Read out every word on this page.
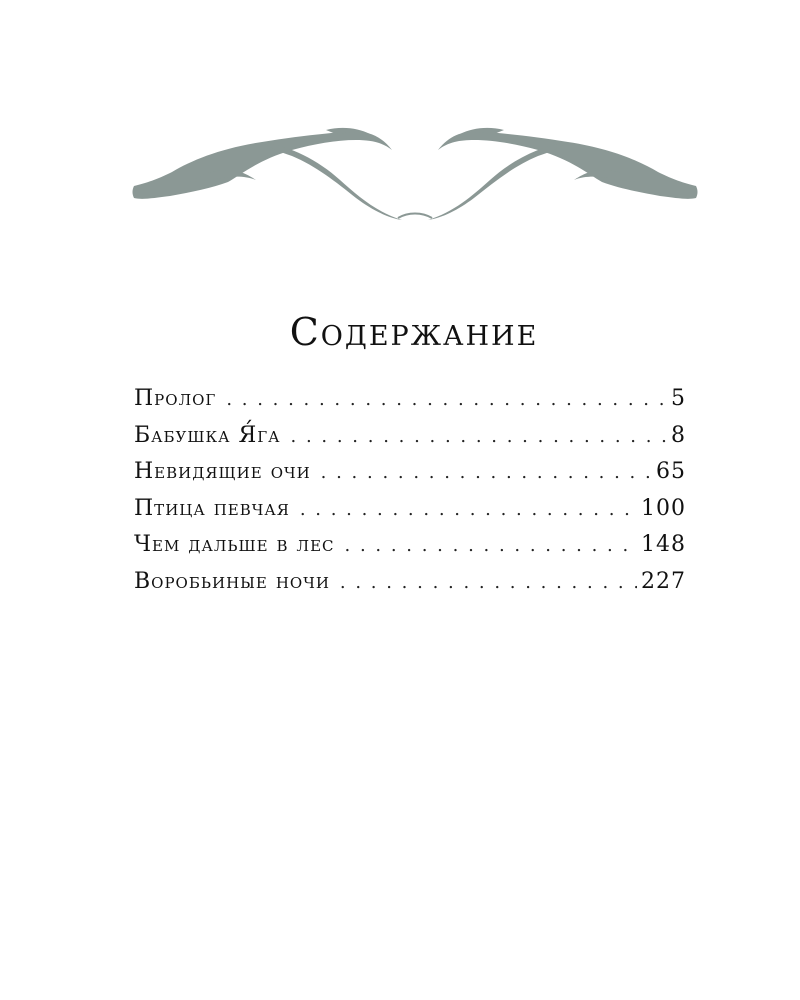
Содержание
Пролог . . .	5
Бабушка Я́га . . .	8
Невидящие очи . . .	65
Птица певчая . . .	100
Чем дальше в лес . . .	148
Воробьиные ночи . . .	227
